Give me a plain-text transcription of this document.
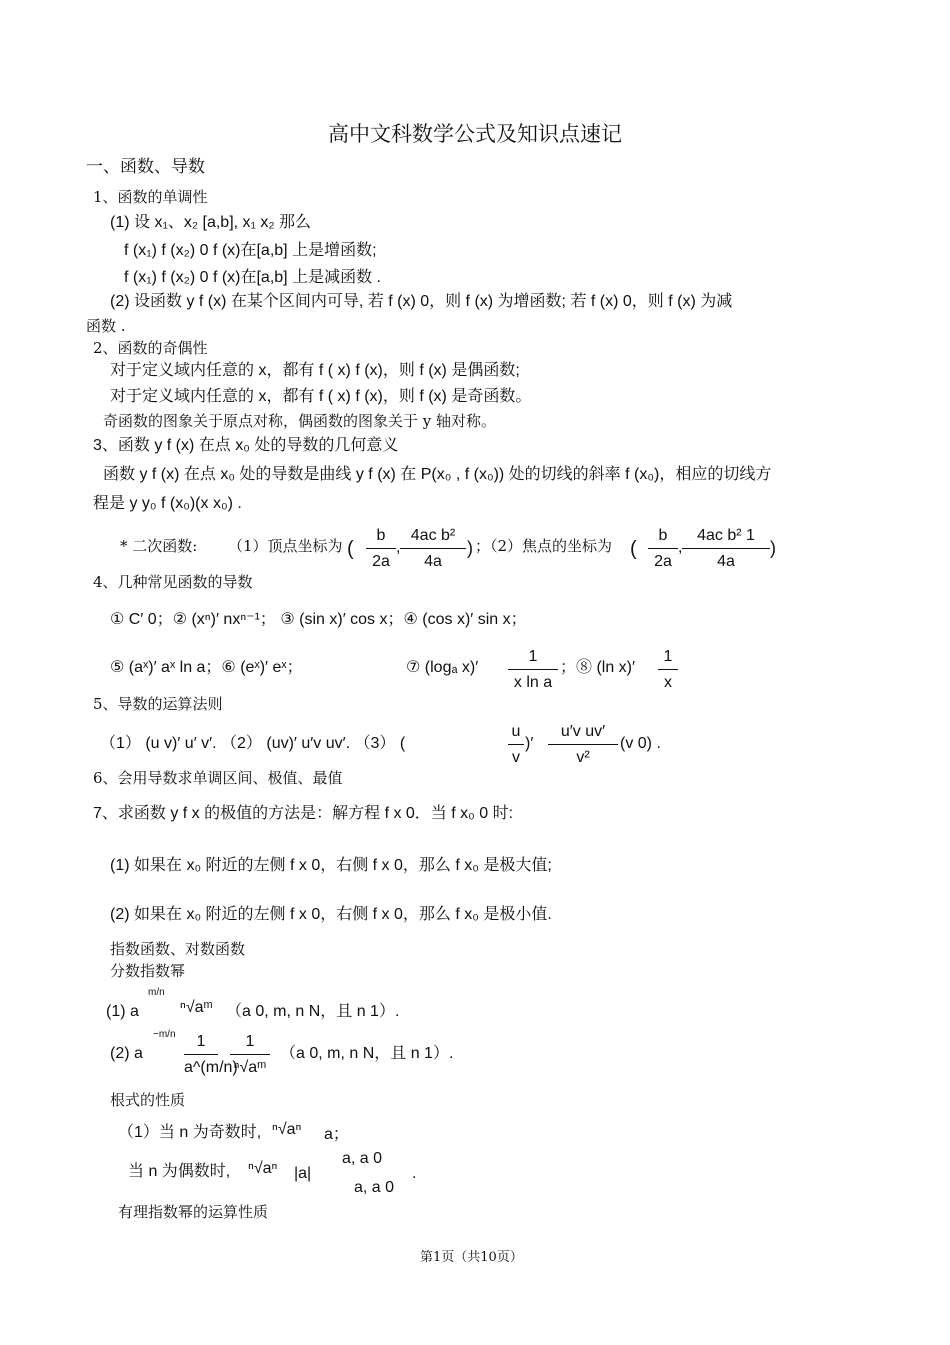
高中文科数学公式及知识点速记
一、函数、导数
1、函数的单调性
(1) 设 x₁、x₂ [a,b], x₁ x₂ 那么
f (x₁) f (x₂) 0 f (x)在[a,b] 上是增函数;
f (x₁) f (x₂) 0 f (x)在[a,b] 上是减函数 .
(2) 设函数 y f (x) 在某个区间内可导, 若 f (x) 0，则 f (x) 为增函数; 若 f (x) 0，则 f (x) 为减
函数 .
2、函数的奇偶性
对于定义域内任意的 x，都有 f ( x) f (x)，则 f (x) 是偶函数;
对于定义域内任意的 x，都有 f ( x) f (x)，则 f (x) 是奇函数。
奇函数的图象关于原点对称，偶函数的图象关于 y 轴对称。
3、函数 y f (x) 在点 x₀ 处的导数的几何意义
函数 y f (x) 在点 x₀ 处的导数是曲线 y f (x) 在 P(x₀ , f (x₀)) 处的切线的斜率 f (x₀)，相应的切线方
程是 y y₀ f (x₀)(x x₀) .
* 二次函数: （1）顶点坐标为 ( $\frac{b}{2a}$ , $\frac{\text{4ac b²}}{4a}$ ) ；（2）焦点的坐标为 ( $\frac{b}{2a}$ , $\frac{\text{4ac b² 1}}{4a}$ )
4、几种常见函数的导数
① C′ 0；② (xⁿ)′ nxⁿ⁻¹； ③ (sin x)′ cos x；④ (cos x)′ sin x；
⑤ (aˣ)′ aˣ ln a；⑥ (eˣ)′ eˣ；	⑦ (logₐ $x)' \frac{1}{\text{x ln a}}$ ；⑧ (ln $x)' \frac{1}{x}$
5、导数的运算法则
（1） (u v)′ u′ v′. （2） (uv)′ u′v uv′. （3） (	$\frac{u}{v}$ )′ $\frac{\text{u′v uv′}}{\text{v²}} (v$ 0) .
6、会用导数求单调区间、极值、最值
7、求函数 y f x 的极值的方法是：解方程 f x 0．当 f x₀ 0 时:
(1) 如果在 x₀ 附近的左侧 f x 0，右侧 f x 0，那么 f x₀ 是极大值;
(2) 如果在 x₀ 附近的左侧 f x 0，右侧 f x 0，那么 f x₀ 是极小值.
指数函数、对数函数
分数指数幂
(1) a
m/n
ⁿ√aᵐ （a 0, m, n N，且 n 1）.
(2) a
$-m/n \frac{1}{a\^{}(m/n)} \frac{1}{\text{ⁿ√aᵐ}} (a$ 0, m, n N，且 n 1）.
根式的性质
（1）当 n 为奇数时, ⁿ√aⁿ a；
当 n 为偶数时, ⁿ√aⁿ |a|
a, a 0
a, a 0
.
有理指数幂的运算性质
第1页（共10页）
